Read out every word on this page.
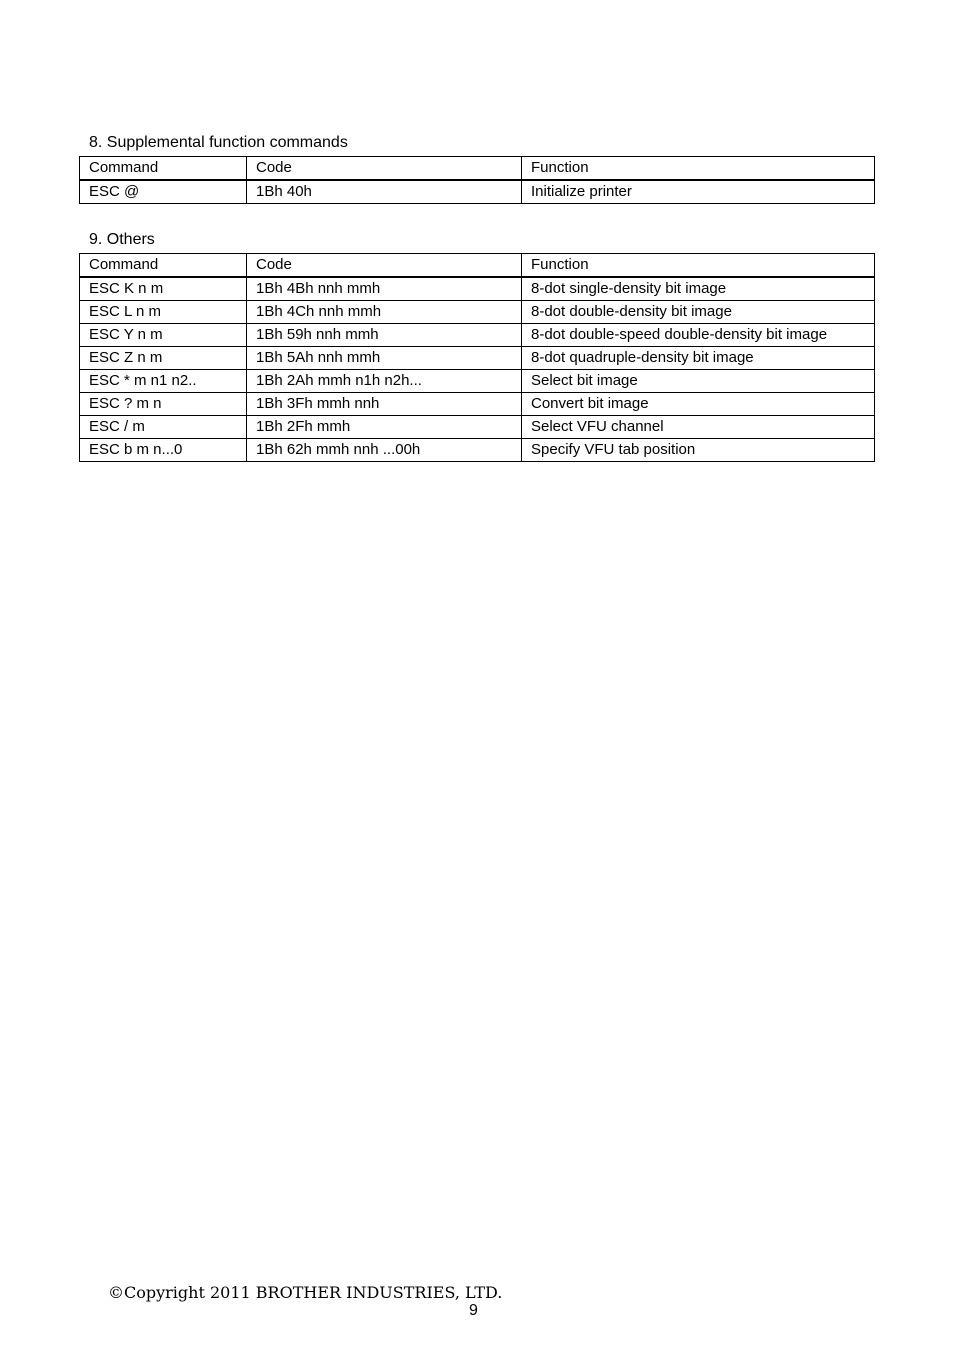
8. Supplemental function commands
Command	Code	Function
ESC @	1Bh 40h	Initialize printer
9. Others
Command	Code	Function
ESC K n m	1Bh 4Bh nnh mmh	8-dot single-density bit image
ESC L n m	1Bh 4Ch nnh mmh	8-dot double-density bit image
ESC Y n m	1Bh 59h nnh mmh	8-dot double-speed double-density bit image
ESC Z n m	1Bh 5Ah nnh mmh	8-dot quadruple-density bit image
ESC * m n1 n2..	1Bh 2Ah mmh n1h n2h...	Select bit image
ESC ? m n	1Bh 3Fh mmh nnh	Convert bit image
ESC / m	1Bh 2Fh mmh	Select VFU channel
ESC b m n...0	1Bh 62h mmh nnh ...00h	Specify VFU tab position
©Copyright 2011 BROTHER INDUSTRIES, LTD.
9
